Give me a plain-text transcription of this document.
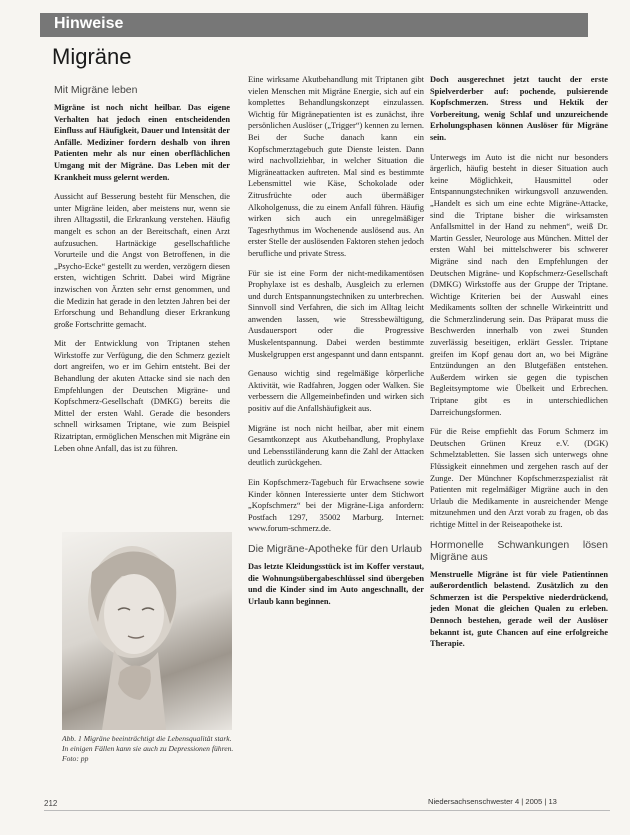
Hinweise
Migräne
Mit Migräne leben

Migräne ist noch nicht heilbar. Das eigene Verhalten hat jedoch einen entscheidenden Einfluss auf Häufigkeit, Dauer und Intensität der Anfälle. Mediziner fordern deshalb von ihren Patienten mehr als nur einen oberflächlichen Umgang mit der Migräne. Das Leben mit der Krankheit muss gelernt werden.

Aussicht auf Besserung besteht für Menschen, die unter Migräne leiden, aber meistens nur, wenn sie ihren Alltagsstil, die Erkrankung verstehen. Häufig mangelt es schon an der Bereitschaft, einen Arzt aufzusuchen. Hartnäckige gesellschaftliche Vorurteile und die Angst von Betroffenen, in die „Psycho-Ecke“ gestellt zu werden, verzögern diesen ersten, wichtigen Schritt. Dabei wird Migräne inzwischen von Ärzten sehr ernst genommen, und die Medizin hat gerade in den letzten Jahren bei der Erforschung und Behandlung dieser Erkrankung große Fortschritte gemacht.

Mit der Entwicklung von Triptanen stehen Wirkstoffe zur Verfügung, die den Schmerz gezielt dort angreifen, wo er im Gehirn entsteht. Bei der Behandlung der akuten Attacke sind sie nach den Empfehlungen der Deutschen Migräne- und Kopfschmerz-Gesellschaft (DMKG) bereits die Mittel der ersten Wahl. Gerade die besonders schnell wirksamen Triptane, wie zum Beispiel Rizatriptan, ermöglichen Menschen mit Migräne ein Leben ohne Anfall, das ist zu führen.

Abb. 1 Migräne beeinträchtigt die Lebensqualität stark. In einigen Fällen kann sie auch zu Depressionen führen. Foto: pp

Eine wirksame Akutbehandlung mit Triptanen gibt vielen Menschen mit Migräne Energie, sich auf ein komplettes Behandlungskonzept einzulassen. Wichtig für Migränepatienten ist es zunächst, ihre persönlichen Auslöser („Trigger“) kennen zu lernen. Bei der Suche danach kann ein Kopfschmerztagebuch gute Dienste leisten. Dann wird nachvollziehbar, in welcher Situation die Migräneattacken auftreten. Mal sind es bestimmte Lebensmittel wie Käse, Schokolade oder Zitrusfrüchte oder auch übermäßiger Alkoholgenuss, die zu einem Anfall führen. Häufig wirken sich auch ein unregelmäßiger Tagesrhythmus im Wochenende auslösend aus. An erster Stelle der auslösenden Faktoren stehen jedoch berufliche und private Stress.

Für sie ist eine Form der nicht-medikamentösen Prophylaxe ist es deshalb, Ausgleich zu erlernen und durch Entspannungstechniken zu unterbrechen. Sinnvoll sind Verfahren, die sich im Alltag leicht anwenden lassen, wie Stressbewältigung, Ausdauersport oder die Progressive Muskelentspannung. Dabei werden bestimmte Muskelgruppen erst angespannt und dann entspannt.

Genauso wichtig sind regelmäßige körperliche Aktivität, wie Radfahren, Joggen oder Walken. Sie verbessern die Allgemeinbefinden und wirken sich positiv auf die Anfallshäufigkeit aus.

Migräne ist noch nicht heilbar, aber mit einem Gesamtkonzept aus Akutbehandlung, Prophylaxe und Lebensstiländerung kann die Zahl der Attacken deutlich zurückgehen.

Ein Kopfschmerz-Tagebuch für Erwachsene sowie Kinder können Interessierte unter dem Stichwort „Kopfschmerz“ bei der Migräne-Liga anfordern: Postfach 1297, 35002 Marburg. Internet: www.forum-schmerz.de.

Die Migräne-Apotheke für den Urlaub

Das letzte Kleidungsstück ist im Koffer verstaut, die Wohnungsübergabeschlüssel sind übergeben und die Kinder sind im Auto angeschnallt, der Urlaub kann beginnen.

Doch ausgerechnet jetzt taucht der erste Spielverderber auf: pochende, pulsierende Kopfschmerzen. Stress und Hektik der Vorbereitung, wenig Schlaf und unzureichende Erholungsphasen können Auslöser für Migräne sein.

Unterwegs im Auto ist die nicht nur besonders ärgerlich, häufig besteht in dieser Situation auch keine Möglichkeit, Hausmittel oder Entspannungstechniken wirkungsvoll anzuwenden. „Handelt es sich um eine echte Migräne-Attacke, sind die Triptane bisher die wirksamsten Anfallsmittel in der Hand zu nehmen“, weiß Dr. Martin Gessler, Neurologe aus München. Mittel der ersten Wahl bei mittelschwerer bis schwerer Migräne sind nach den Empfehlungen der Deutschen Migräne- und Kopfschmerz-Gesellschaft (DMKG) Wirkstoffe aus der Gruppe der Triptane. Wichtige Kriterien bei der Auswahl eines Medikaments sollten der schnelle Wirkeintritt und die Schmerzlinderung sein. Das Präparat muss die Beschwerden innerhalb von zwei Stunden zuverlässig beseitigen, erklärt Gessler. Triptane greifen im Kopf genau dort an, wo bei Migräne Entzündungen an den Blutgefäßen entstehen. Außerdem wirken sie gegen die typischen Begleitsymptome wie Übelkeit und Erbrechen. Triptane gibt es in unterschiedlichen Darreichungsformen.

Für die Reise empfiehlt das Forum Schmerz im Deutschen Grünen Kreuz e.V. (DGK) Schmelztabletten. Sie lassen sich unterwegs ohne Flüssigkeit einnehmen und zergehen rasch auf der Zunge. Der Münchner Kopfschmerzspezialist rät Patienten mit regelmäßiger Migräne auch in den Urlaub die Medikamente in ausreichender Menge mitzunehmen und den Arzt vorab zu fragen, ob das richtige Mittel in der Reiseapotheke ist.

Hormonelle Schwankungen lösen Migräne aus

Menstruelle Migräne ist für viele Patientinnen außerordentlich belastend. Zusätzlich zu den Schmerzen ist die Perspektive niederdrückend, jeden Monat die gleichen Qualen zu erleben. Dennoch bestehen, gerade weil der Auslöser bekannt ist, gute Chancen auf eine erfolgreiche Therapie.

212	Niedersachsenschwester 4 | 2005 | 13
